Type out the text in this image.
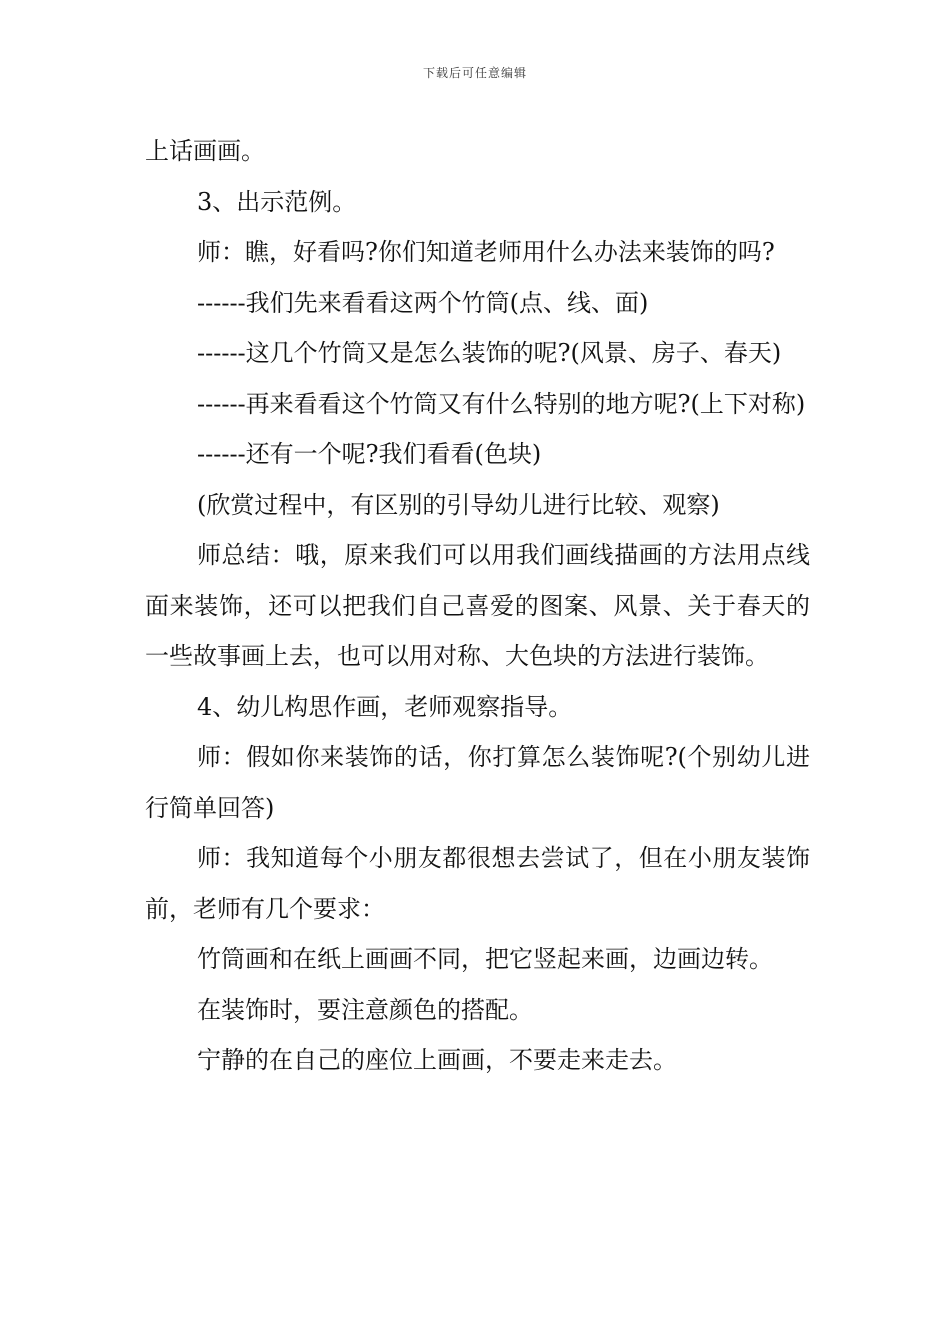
下载后可任意编辑

上话画画。

3、出示范例。

师：瞧，好看吗?你们知道老师用什么办法来装饰的吗?

------我们先来看看这两个竹筒(点、线、面)

------这几个竹筒又是怎么装饰的呢?(风景、房子、春天)

------再来看看这个竹筒又有什么特别的地方呢?(上下对称)

------还有一个呢?我们看看(色块)

(欣赏过程中，有区别的引导幼儿进行比较、观察)

师总结：哦，原来我们可以用我们画线描画的方法用点线面来装饰，还可以把我们自己喜爱的图案、风景、关于春天的一些故事画上去，也可以用对称、大色块的方法进行装饰。

4、幼儿构思作画，老师观察指导。

师：假如你来装饰的话，你打算怎么装饰呢?(个别幼儿进行简单回答)

师：我知道每个小朋友都很想去尝试了，但在小朋友装饰前，老师有几个要求：

竹筒画和在纸上画画不同，把它竖起来画，边画边转。

在装饰时，要注意颜色的搭配。

宁静的在自己的座位上画画，不要走来走去。
